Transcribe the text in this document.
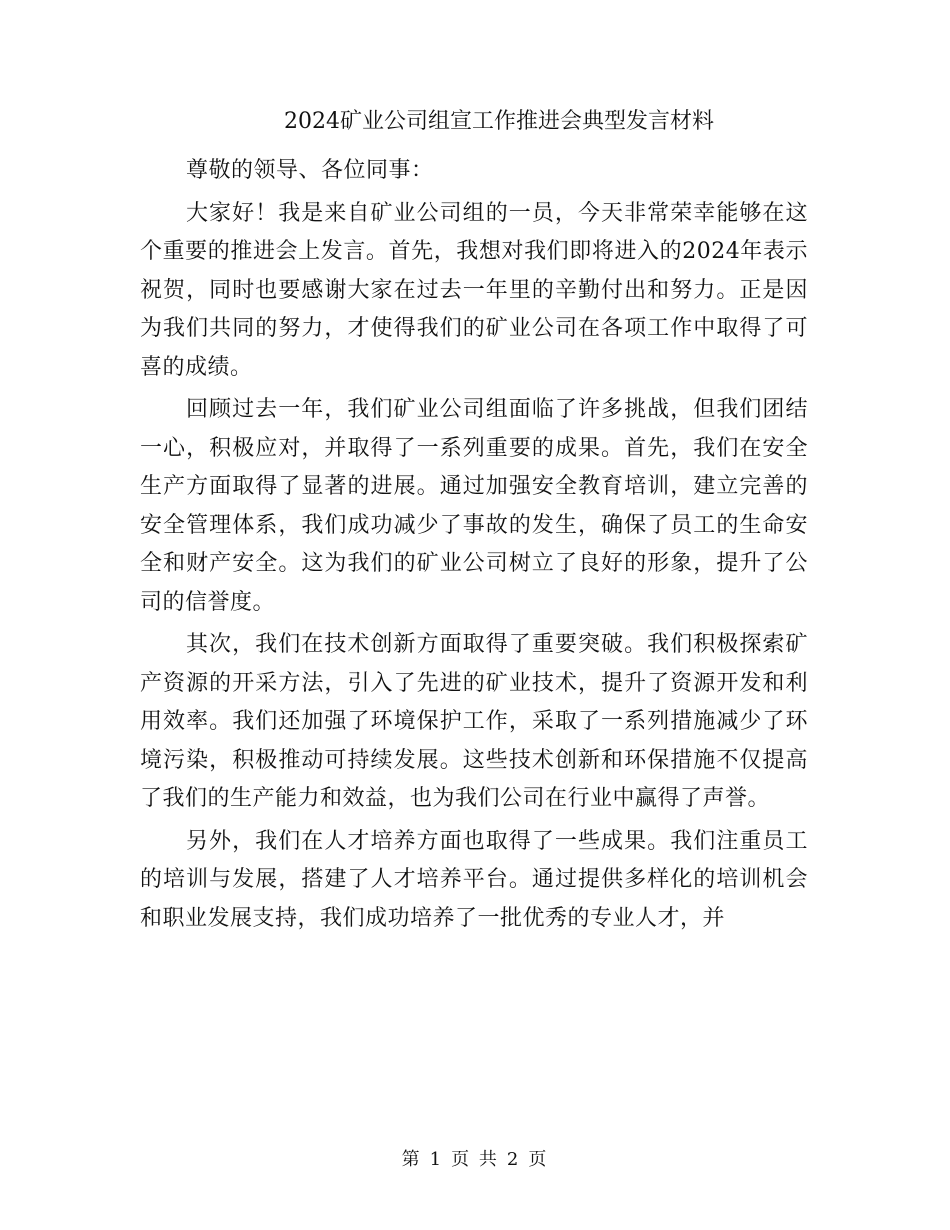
2024矿业公司组宣工作推进会典型发言材料

尊敬的领导、各位同事：

大家好！我是来自矿业公司组的一员，今天非常荣幸能够在这个重要的推进会上发言。首先，我想对我们即将进入的2024年表示祝贺，同时也要感谢大家在过去一年里的辛勤付出和努力。正是因为我们共同的努力，才使得我们的矿业公司在各项工作中取得了可喜的成绩。

回顾过去一年，我们矿业公司组面临了许多挑战，但我们团结一心，积极应对，并取得了一系列重要的成果。首先，我们在安全生产方面取得了显著的进展。通过加强安全教育培训，建立完善的安全管理体系，我们成功减少了事故的发生，确保了员工的生命安全和财产安全。这为我们的矿业公司树立了良好的形象，提升了公司的信誉度。

其次，我们在技术创新方面取得了重要突破。我们积极探索矿产资源的开采方法，引入了先进的矿业技术，提升了资源开发和利用效率。我们还加强了环境保护工作，采取了一系列措施减少了环境污染，积极推动可持续发展。这些技术创新和环保措施不仅提高了我们的生产能力和效益，也为我们公司在行业中赢得了声誉。

另外，我们在人才培养方面也取得了一些成果。我们注重员工的培训与发展，搭建了人才培养平台。通过提供多样化的培训机会和职业发展支持，我们成功培养了一批优秀的专业人才，并

第 1 页 共 2 页
